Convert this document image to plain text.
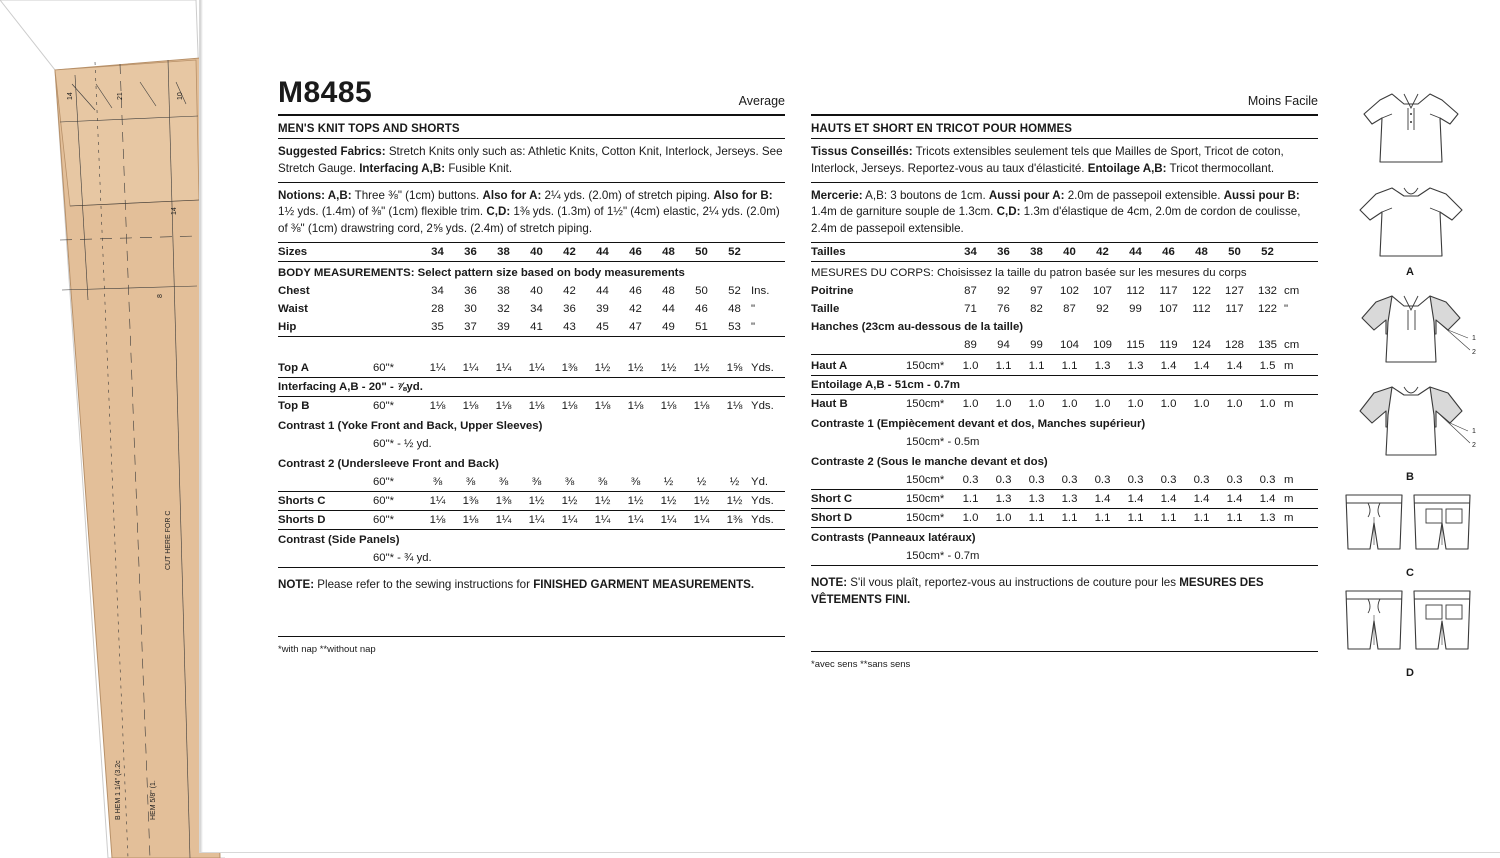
14	21	10
14
8
CUT HERE FOR C
B HEM 1 1/4" (3.2c	HEM 5/8" (1.
M8485	Average
MEN'S KNIT TOPS AND SHORTS
Suggested Fabrics: Stretch Knits only such as: Athletic Knits, Cotton Knit, Interlock, Jerseys. See Stretch Gauge. Interfacing A,B: Fusible Knit.
Notions: A,B: Three ⅜" (1cm) buttons. Also for A: 2¼ yds. (2.0m) of stretch piping. Also for B: 1½ yds. (1.4m) of ⅜" (1cm) flexible trim. C,D: 1⅜ yds. (1.3m) of 1½" (4cm) elastic, 2¼ yds. (2.0m) of ⅜" (1cm) drawstring cord, 2⅝ yds. (2.4m) of stretch piping.
Sizes	34	36	38	40	42	44	46	48	50	52	
BODY MEASUREMENTS: Select pattern size based on body measurements											
Chest	34	36	38	40	42	44	46	48	50	52	Ins.
Waist	28	30	32	34	36	39	42	44	46	48	"
Hip	35	37	39	41	43	45	47	49	51	53	"
Top A	60"*	1¼	1¼	1¼	1¼	1⅜	1½	1½	1½	1½	1⅝	Yds.
Interfacing A,B - 20" - ⅞yd.												
Top B	60"*	1⅛	1⅛	1⅛	1⅛	1⅛	1⅛	1⅛	1⅛	1⅛	1⅛	Yds.
Contrast 1 (Yoke Front and Back, Upper Sleeves)												
	60"* - ½ yd.											
Contrast 2 (Undersleeve Front and Back)												
	60"*	⅜	⅜	⅜	⅜	⅜	⅜	⅜	½	½	½	Yd.
Shorts C	60"*	1¼	1⅜	1⅜	1½	1½	1½	1½	1½	1½	1½	Yds.
Shorts D	60"*	1⅛	1⅛	1¼	1¼	1¼	1¼	1¼	1¼	1¼	1⅜	Yds.
Contrast (Side Panels)												
	60"* - ¾ yd.											
NOTE: Please refer to the sewing instructions for FINISHED GARMENT MEASUREMENTS.
*with nap **without nap
Moins Facile
HAUTS ET SHORT EN TRICOT POUR HOMMES
Tissus Conseillés: Tricots extensibles seulement tels que Mailles de Sport, Tricot de coton, Interlock, Jerseys. Reportez-vous au taux d'élasticité. Entoilage A,B: Tricot thermocollant.
Mercerie: A,B: 3 boutons de 1cm. Aussi pour A: 2.0m de passepoil extensible. Aussi pour B: 1.4m de garniture souple de 1.3cm. C,D: 1.3m d'élastique de 4cm, 2.0m de cordon de coulisse, 2.4m de passepoil extensible.
Tailles	34	36	38	40	42	44	46	48	50	52	
MESURES DU CORPS: Choisissez la taille du patron basée sur les mesures du corps											
Poitrine	87	92	97	102	107	112	117	122	127	132	cm
Taille	71	76	82	87	92	99	107	112	117	122	"
Hanches (23cm au-dessous de la taille)											
	89	94	99	104	109	115	119	124	128	135	cm
Haut A	150cm*	1.0	1.1	1.1	1.1	1.3	1.3	1.4	1.4	1.4	1.5	m
Entoilage A,B - 51cm - 0.7m												
Haut B	150cm*	1.0	1.0	1.0	1.0	1.0	1.0	1.0	1.0	1.0	1.0	m
Contraste 1 (Empiècement devant et dos, Manches supérieur)												
	150cm* - 0.5m											
Contraste 2 (Sous le manche devant et dos)												
	150cm*	0.3	0.3	0.3	0.3	0.3	0.3	0.3	0.3	0.3	0.3	m
Short C	150cm*	1.1	1.3	1.3	1.3	1.4	1.4	1.4	1.4	1.4	1.4	m
Short D	150cm*	1.0	1.0	1.1	1.1	1.1	1.1	1.1	1.1	1.1	1.3	m
Contrasts (Panneaux latéraux)												
	150cm* - 0.7m											
NOTE: S'il vous plaît, reportez-vous au instructions de couture pour les MESURES DES VÊTEMENTS FINI.
*avec sens **sans sens
A
1
2
1
2
B
C
D
